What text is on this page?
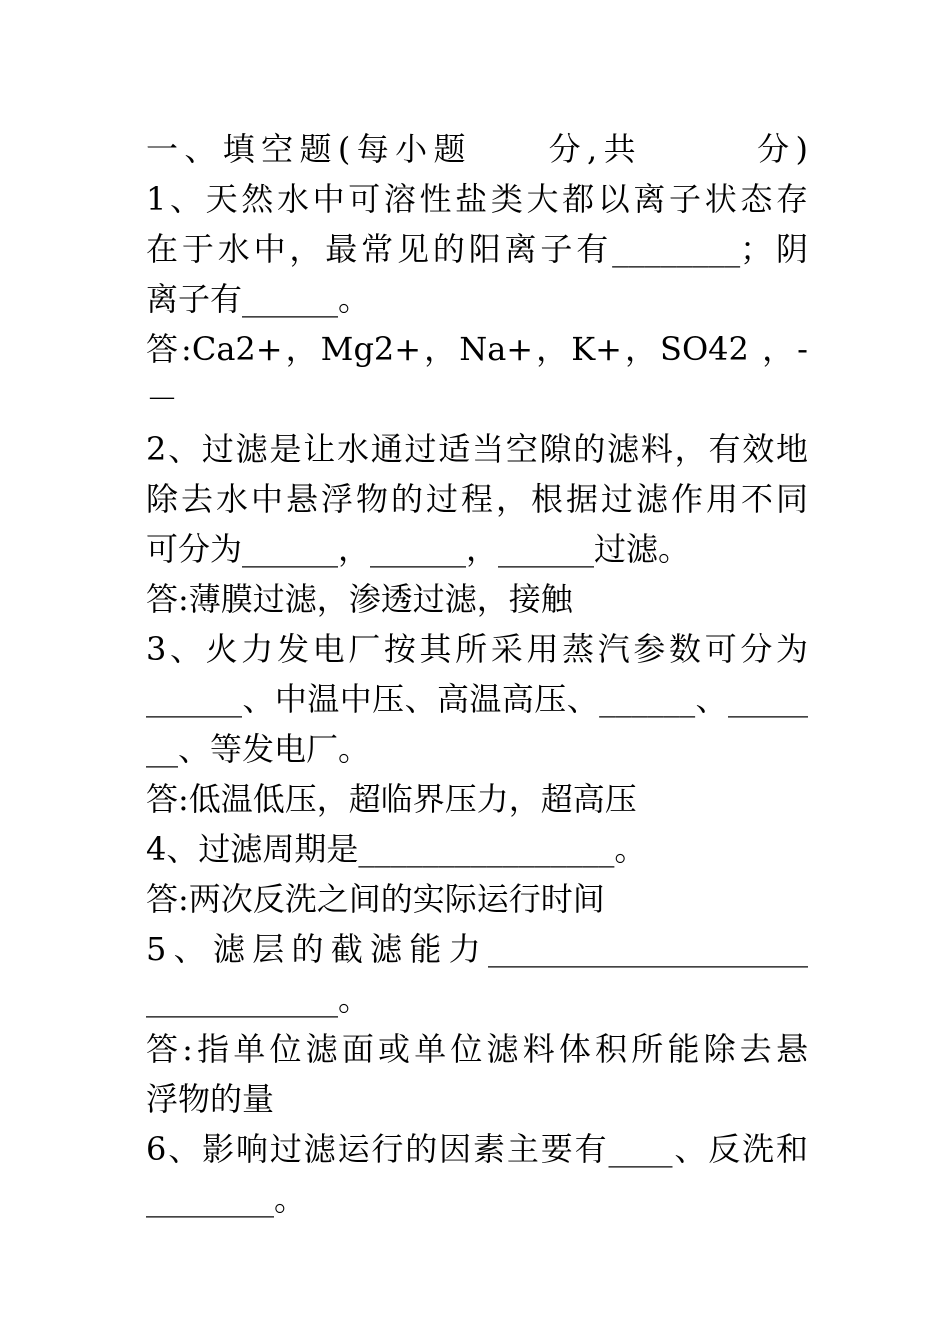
一、填空题(每小题　　分,共　　　分)
1、天然水中可溶性盐类大都以离子状态存
在于水中，最常见的阳离子有________；阴
离子有______。
答:Ca2+，Mg2+，Na+，K+，SO42 ，-
－
2、过滤是让水通过适当空隙的滤料，有效地
除去水中悬浮物的过程，根据过滤作用不同
可分为______，______，______过滤。
答:薄膜过滤，渗透过滤，接触
3、火力发电厂按其所采用蒸汽参数可分为
______、中温中压、高温高压、______、_____
__、等发电厂。
答:低温低压，超临界压力，超高压
4、过滤周期是________________。
答:两次反洗之间的实际运行时间
5、滤层的截滤能力____________________
____________。
答:指单位滤面或单位滤料体积所能除去悬
浮物的量
6、影响过滤运行的因素主要有____、反洗和
________。
